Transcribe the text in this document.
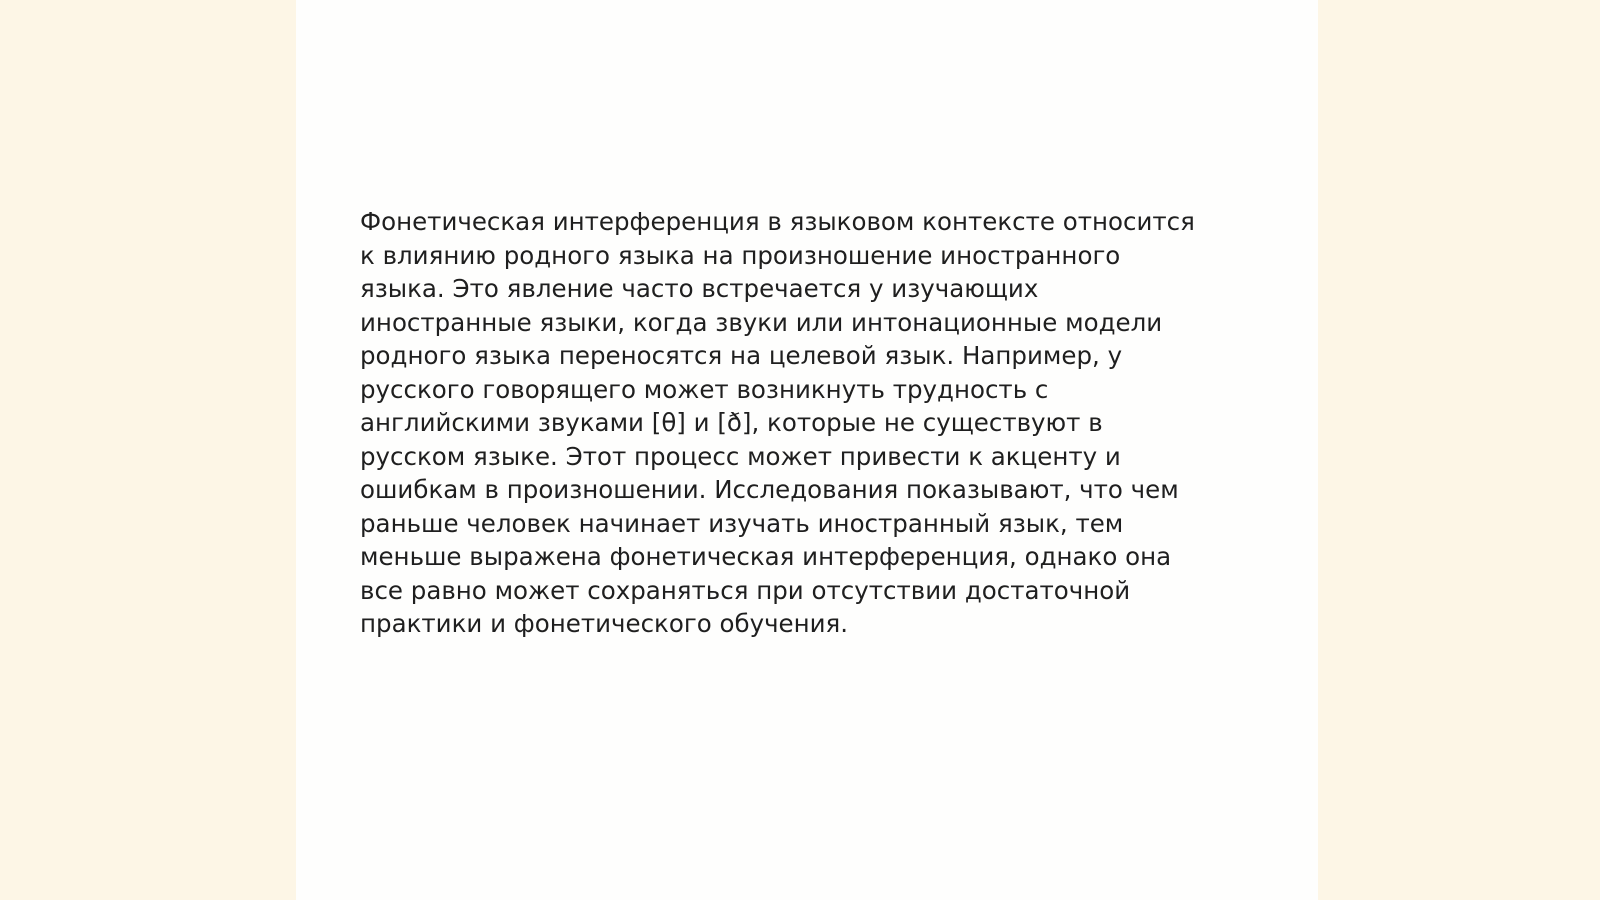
Фонетическая интерференция в языковом контексте относится
к влиянию родного языка на произношение иностранного
языка. Это явление часто встречается у изучающих
иностранные языки, когда звуки или интонационные модели
родного языка переносятся на целевой язык. Например, у
русского говорящего может возникнуть трудность с
английскими звуками [θ] и [ð], которые не существуют в
русском языке. Этот процесс может привести к акценту и
ошибкам в произношении. Исследования показывают, что чем
раньше человек начинает изучать иностранный язык, тем
меньше выражена фонетическая интерференция, однако она
все равно может сохраняться при отсутствии достаточной
практики и фонетического обучения.
